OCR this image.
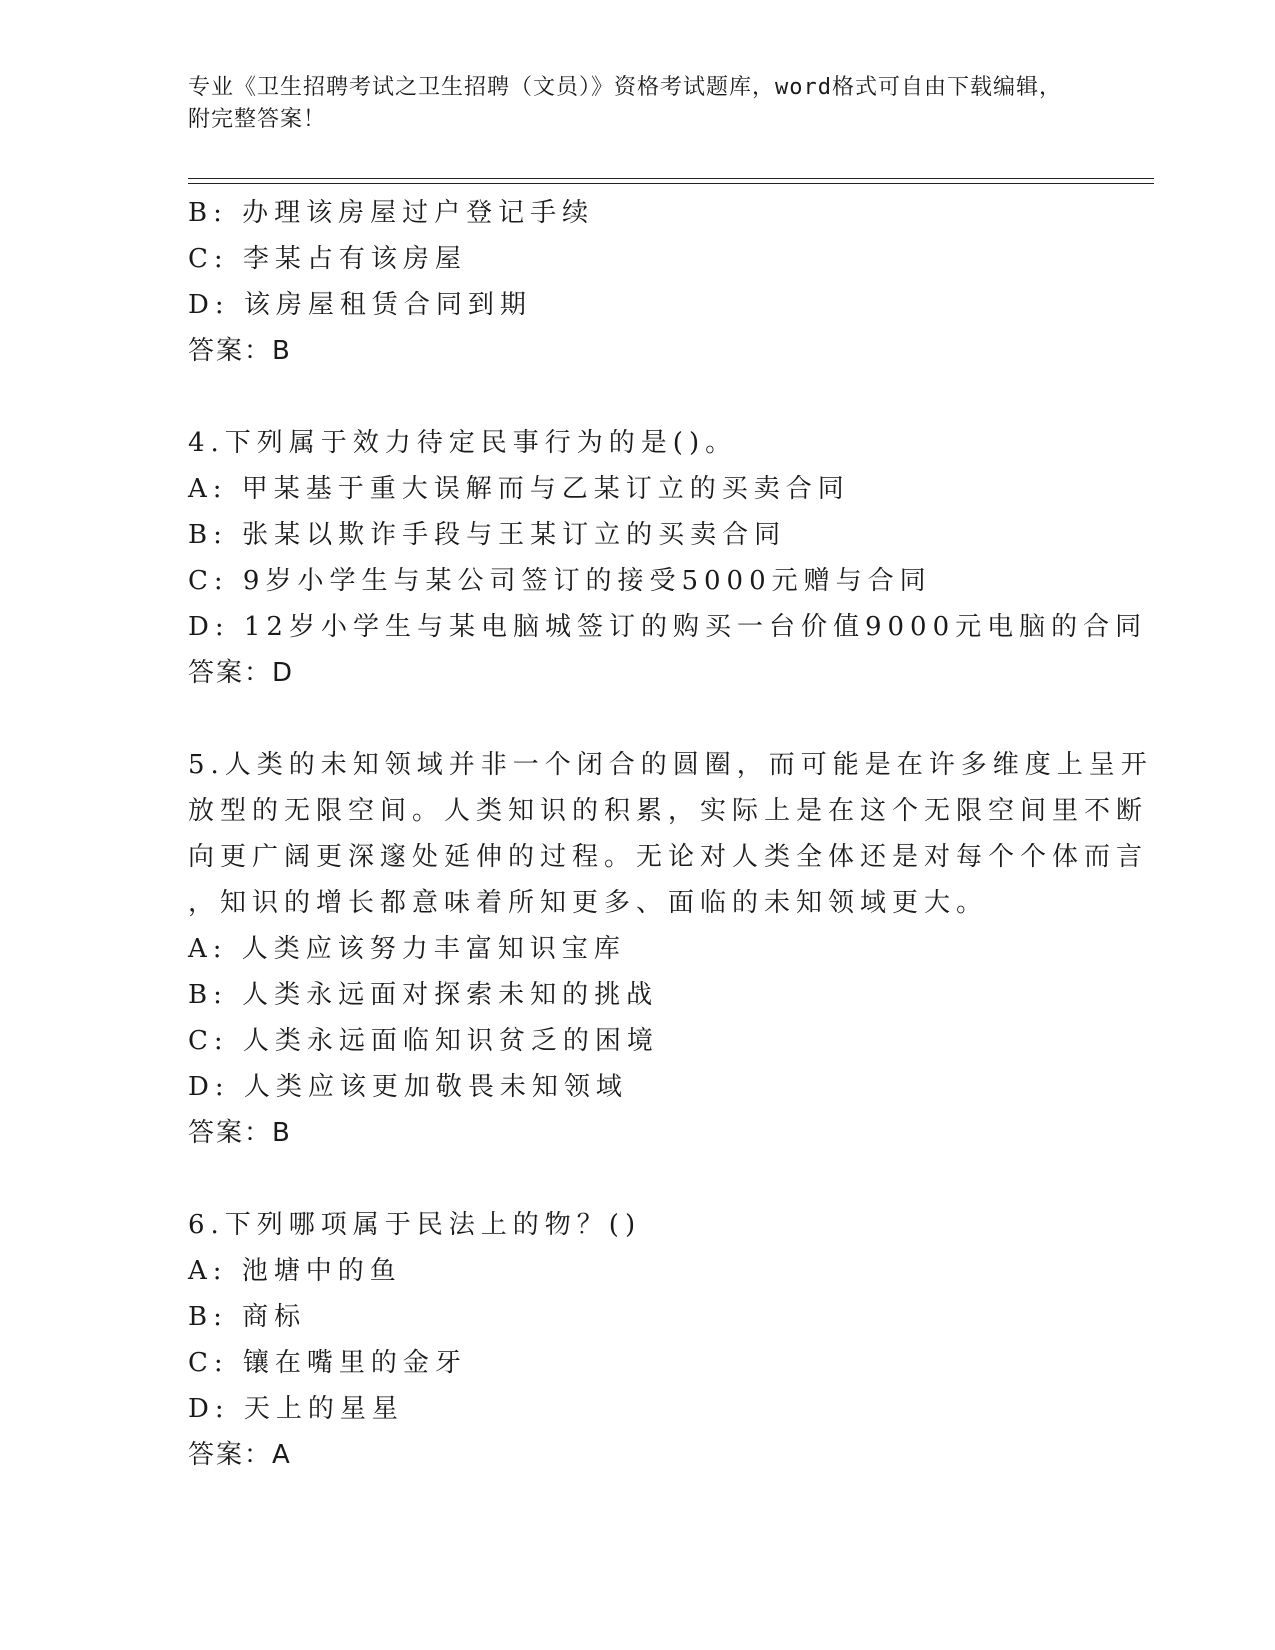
专业《卫生招聘考试之卫生招聘（文员）》资格考试题库，word格式可自由下载编辑，附完整答案！
B: 办理该房屋过户登记手续
C: 李某占有该房屋
D: 该房屋租赁合同到期
答案：B
4.下列属于效力待定民事行为的是()。
A: 甲某基于重大误解而与乙某订立的买卖合同
B: 张某以欺诈手段与王某订立的买卖合同
C: 9岁小学生与某公司签订的接受5000元赠与合同
D: 12岁小学生与某电脑城签订的购买一台价值9000元电脑的合同
答案：D
5.人类的未知领域并非一个闭合的圆圈，而可能是在许多维度上呈开
放型的无限空间。人类知识的积累，实际上是在这个无限空间里不断
向更广阔更深邃处延伸的过程。无论对人类全体还是对每个个体而言
，知识的增长都意味着所知更多、面临的未知领域更大。
A: 人类应该努力丰富知识宝库
B: 人类永远面对探索未知的挑战
C: 人类永远面临知识贫乏的困境
D: 人类应该更加敬畏未知领域
答案：B
6.下列哪项属于民法上的物？()
A: 池塘中的鱼
B: 商标
C: 镶在嘴里的金牙
D: 天上的星星
答案：A
